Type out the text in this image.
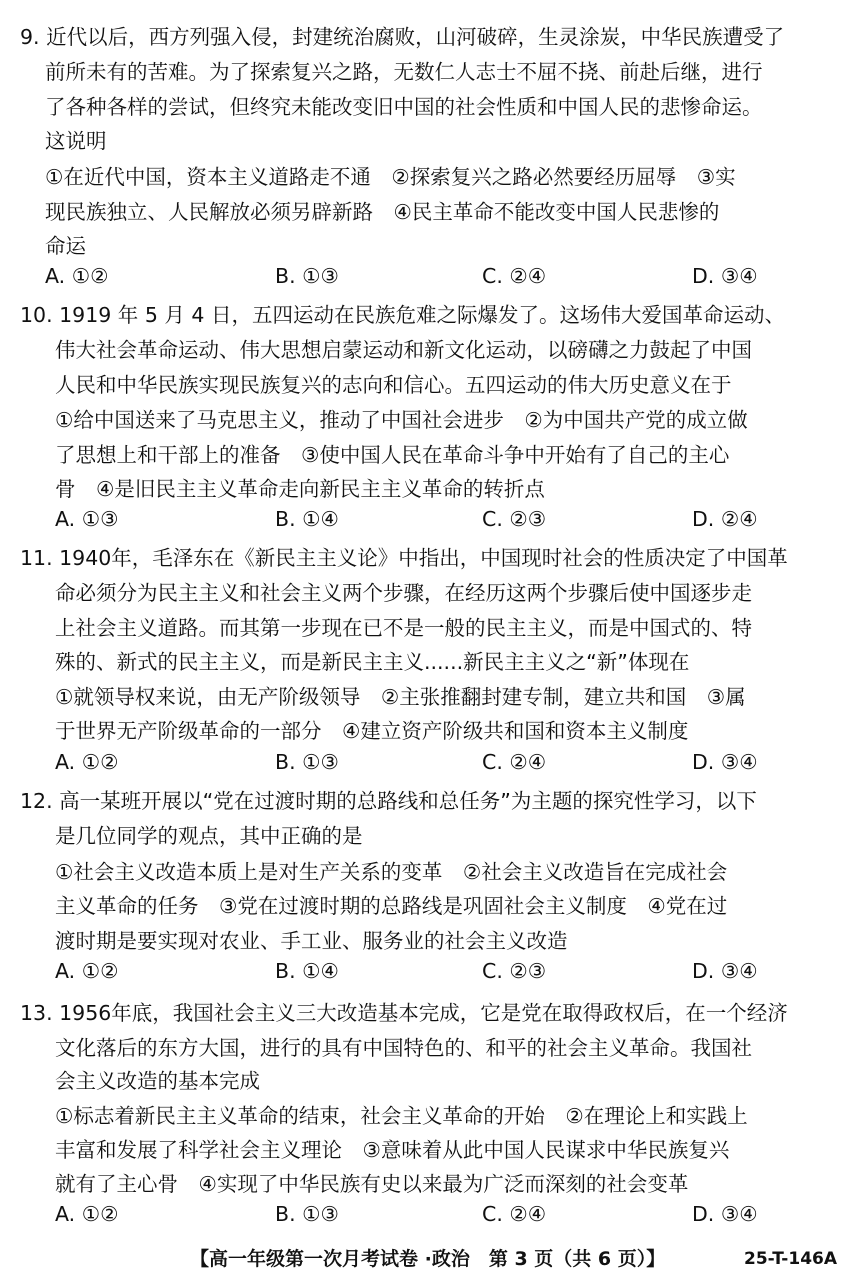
9. 近代以后，西方列强入侵，封建统治腐败，山河破碎，生灵涂炭，中华民族遭受了
前所未有的苦难。为了探索复兴之路，无数仁人志士不屈不挠、前赴后继，进行
了各种各样的尝试，但终究未能改变旧中国的社会性质和中国人民的悲惨命运。
这说明
①在近代中国，资本主义道路走不通　②探索复兴之路必然要经历屈辱　③实
现民族独立、人民解放必须另辟新路　④民主革命不能改变中国人民悲惨的
命运
A. ①②	B. ①③	C. ②④	D. ③④
10. 1919 年 5 月 4 日，五四运动在民族危难之际爆发了。这场伟大爱国革命运动、
伟大社会革命运动、伟大思想启蒙运动和新文化运动，以磅礴之力鼓起了中国
人民和中华民族实现民族复兴的志向和信心。五四运动的伟大历史意义在于
①给中国送来了马克思主义，推动了中国社会进步　②为中国共产党的成立做
了思想上和干部上的准备　③使中国人民在革命斗争中开始有了自己的主心
骨　④是旧民主主义革命走向新民主主义革命的转折点
A. ①③	B. ①④	C. ②③	D. ②④
11. 1940年，毛泽东在《新民主主义论》中指出，中国现时社会的性质决定了中国革
命必须分为民主主义和社会主义两个步骤，在经历这两个步骤后使中国逐步走
上社会主义道路。而其第一步现在已不是一般的民主主义，而是中国式的、特
殊的、新式的民主主义，而是新民主主义......新民主主义之“新”体现在
①就领导权来说，由无产阶级领导　②主张推翻封建专制，建立共和国　③属
于世界无产阶级革命的一部分　④建立资产阶级共和国和资本主义制度
A. ①②	B. ①③	C. ②④	D. ③④
12. 高一某班开展以“党在过渡时期的总路线和总任务”为主题的探究性学习，以下
是几位同学的观点，其中正确的是
①社会主义改造本质上是对生产关系的变革　②社会主义改造旨在完成社会
主义革命的任务　③党在过渡时期的总路线是巩固社会主义制度　④党在过
渡时期是要实现对农业、手工业、服务业的社会主义改造
A. ①②	B. ①④	C. ②③	D. ③④
13. 1956年底，我国社会主义三大改造基本完成，它是党在取得政权后，在一个经济
文化落后的东方大国，进行的具有中国特色的、和平的社会主义革命。我国社
会主义改造的基本完成
①标志着新民主主义革命的结束，社会主义革命的开始　②在理论上和实践上
丰富和发展了科学社会主义理论　③意味着从此中国人民谋求中华民族复兴
就有了主心骨　④实现了中华民族有史以来最为广泛而深刻的社会变革
A. ①②	B. ①③	C. ②④	D. ③④
【高一年级第一次月考试卷 ·政治　第 3 页（共 6 页）】	25-T-146A
